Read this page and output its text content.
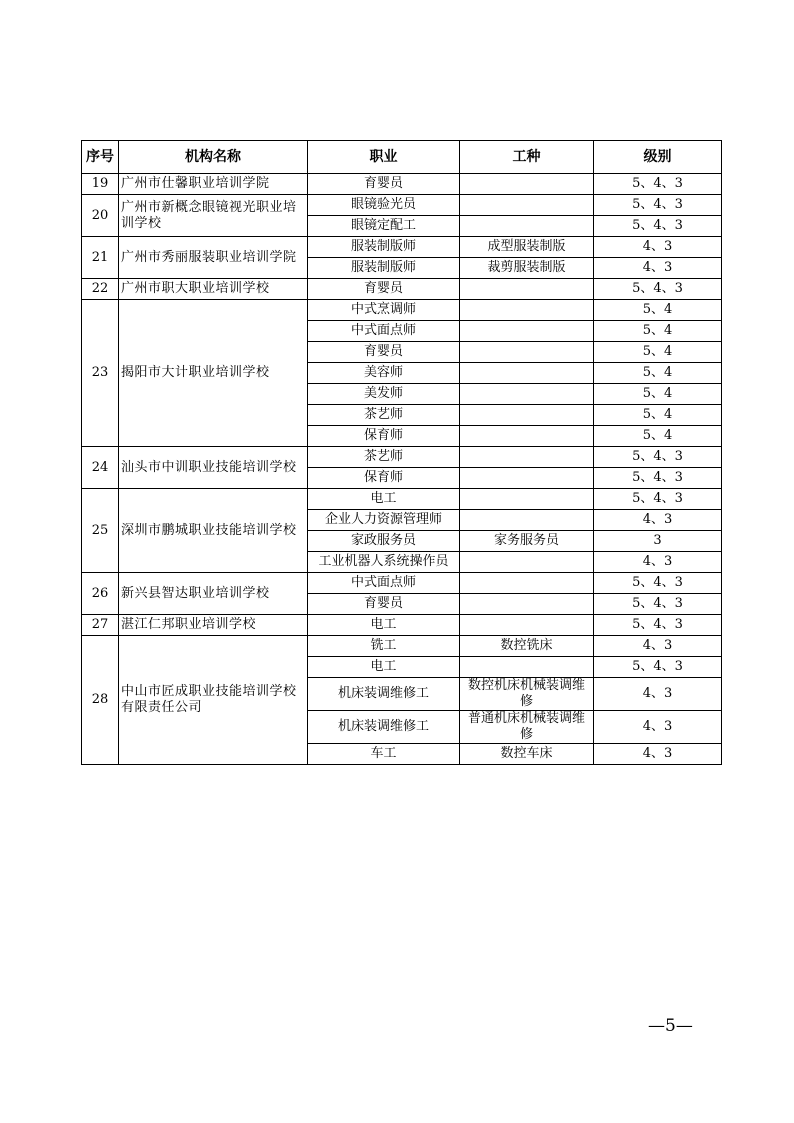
序号	机构名称	职业	工种	级别
19	广州市仕馨职业培训学院	育婴员		5、4、3
20	广州市新概念眼镜视光职业培训学校	眼镜验光员		5、4、3
		眼镜定配工		5、4、3
21	广州市秀丽服装职业培训学院	服装制版师	成型服装制版	4、3
		服装制版师	裁剪服装制版	4、3
22	广州市职大职业培训学校	育婴员		5、4、3
23	揭阳市大计职业培训学校	中式烹调师		5、4
		中式面点师		5、4
		育婴员		5、4
		美容师		5、4
		美发师		5、4
		茶艺师		5、4
		保育师		5、4
24	汕头市中训职业技能培训学校	茶艺师		5、4、3
		保育师		5、4、3
25	深圳市鹏城职业技能培训学校	电工		5、4、3
		企业人力资源管理师		4、3
		家政服务员	家务服务员	3
		工业机器人系统操作员		4、3
26	新兴县智达职业培训学校	中式面点师		5、4、3
		育婴员		5、4、3
27	湛江仁邦职业培训学校	电工		5、4、3
28	中山市匠成职业技能培训学校有限责任公司	铣工	数控铣床	4、3
		电工		5、4、3
		机床装调维修工	数控机床机械装调维修	4、3
		机床装调维修工	普通机床机械装调维修	4、3
		车工	数控车床	4、3
—5—
